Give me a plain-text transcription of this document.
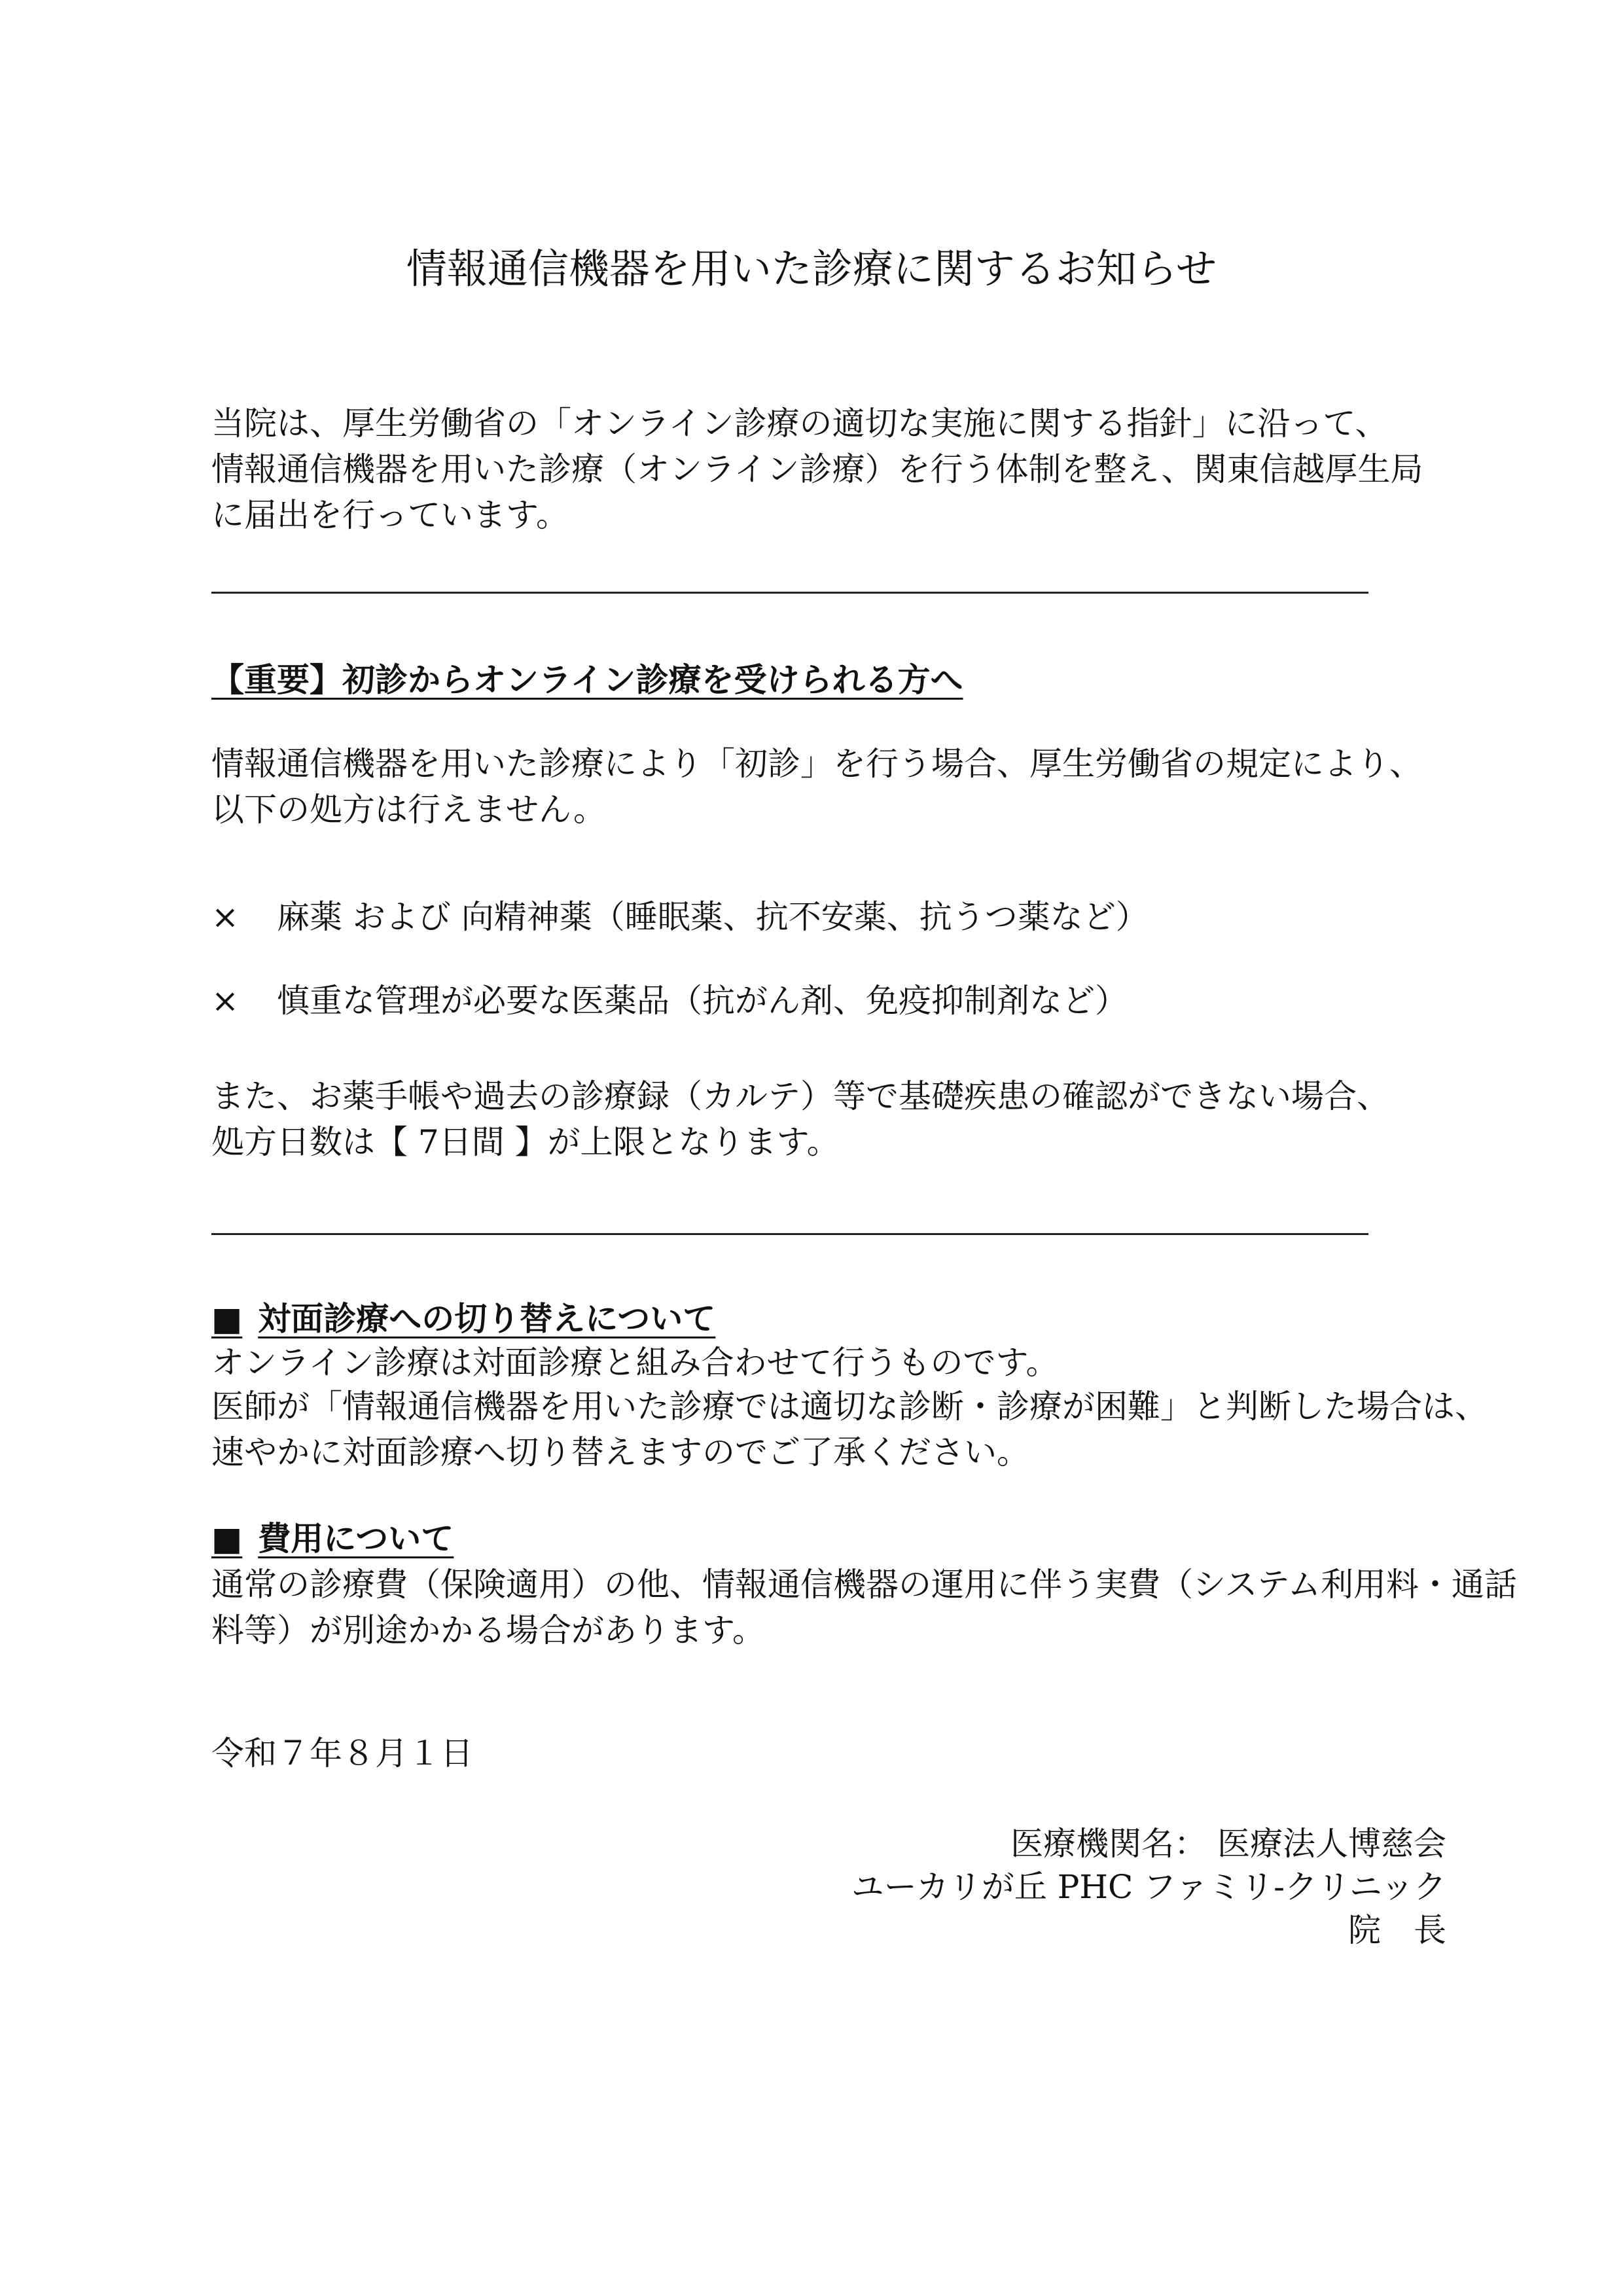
情報通信機器を用いた診療に関するお知らせ

当院は、厚生労働省の「オンライン診療の適切な実施に関する指針」に沿って、

情報通信機器を用いた診療（オンライン診療）を行う体制を整え、関東信越厚生局

に届出を行っています。

【重要】初診からオンライン診療を受けられる方へ

情報通信機器を用いた診療により「初診」を行う場合、厚生労働省の規定により、

以下の処方は行えません。

× 麻薬 および 向精神薬（睡眠薬、抗不安薬、抗うつ薬など）

× 慎重な管理が必要な医薬品（抗がん剤、免疫抑制剤など）

また、お薬手帳や過去の診療録（カルテ）等で基礎疾患の確認ができない場合、

処方日数は【 7日間 】が上限となります。

■ 対面診療への切り替えについて

オンライン診療は対面診療と組み合わせて行うものです。

医師が「情報通信機器を用いた診療では適切な診断・診療が困難」と判断した場合は、

速やかに対面診療へ切り替えますのでご了承ください。

■ 費用について

通常の診療費（保険適用）の他、情報通信機器の運用に伴う実費（システム利用料・通話

料等）が別途かかる場合があります。

令和７年８月１日

医療機関名： 医療法人博慈会
ユーカリが丘 PHC ファミリ-クリニック
院　長
